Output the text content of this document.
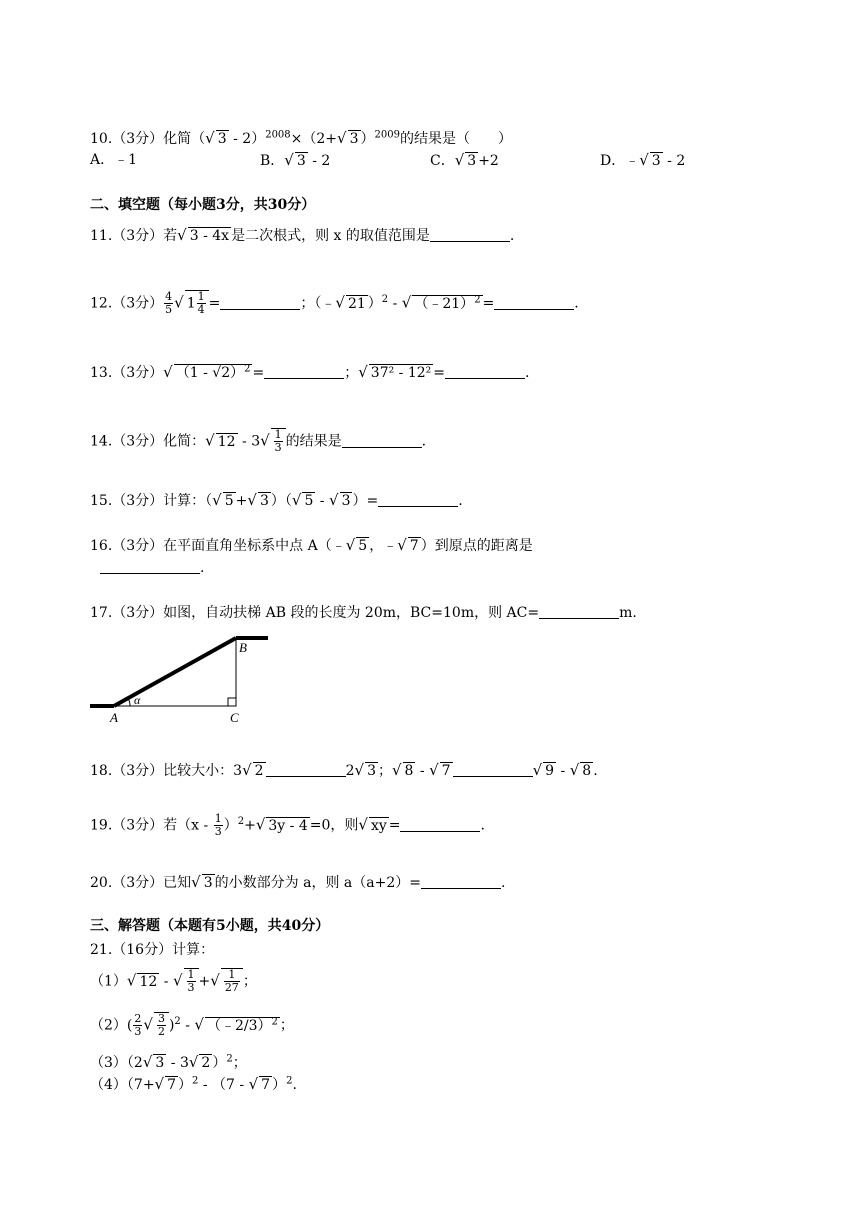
10.（3分）化简（√ 3 - 2）$^{2008}$×（2+√ 3 ）$^{2009}$的结果是（　　）
A．﹣1	B．√ 3 - 2	C．√ 3 +2	D．﹣√ 3 - 2
二、填空题（每小题3分，共30分）
11.（3分）若√ 3 - 4x 是二次根式，则 x 的取值范围是	.
12.（3分） $\frac{4}{5}$ √ $1 \frac{1}{4}$ =	；（﹣√ 21 ）$^2$ - √ （﹣21）$^2$ =	.
13.（3分）√ （1 - √2）$^2$ =	；√ 37² - 12² =	.
14.（3分）化简：√ $12 - 3√ \frac{1}{3}$ 的结果是	.
15.（3分）计算：（√ 5 +√ 3 ）（√ 5 - √ 3 ）=	.
16.（3分）在平面直角坐标系中点 A（﹣√ 5 ，﹣√ 7 ）到原点的距离是
.
17.（3分）如图，自动扶梯 AB 段的长度为 20m，BC=10m，则 AC=	m.
A
B
C
α
18.（3分）比较大小：3√ 2	2√ 3 ；√ 8 - √ 7	√ 9 - √ 8 .
19.（3分）若$(x - \frac{1}{3} )^2+√$ 3y - 4 =0，则√ xy =	.
20.（3分）已知√ 3 的小数部分为 a，则 a（a+2）=	.
三、解答题（本题有5小题，共40分）
21.（16分）计算：
（1）√ 12 - √ $\frac{1}{3}$ +√ $\frac{1}{27}$ ；
$(2)( \frac{2}{3}$ √ $\frac{3}{2} )^2$ - √ （﹣2/3）$^2$ ；
（3）（2√ 3 - 3√ 2 ）$^2$；
（4）（7+√ 7 ）$^2$ - （7 - √ 7 ）$^2$.
